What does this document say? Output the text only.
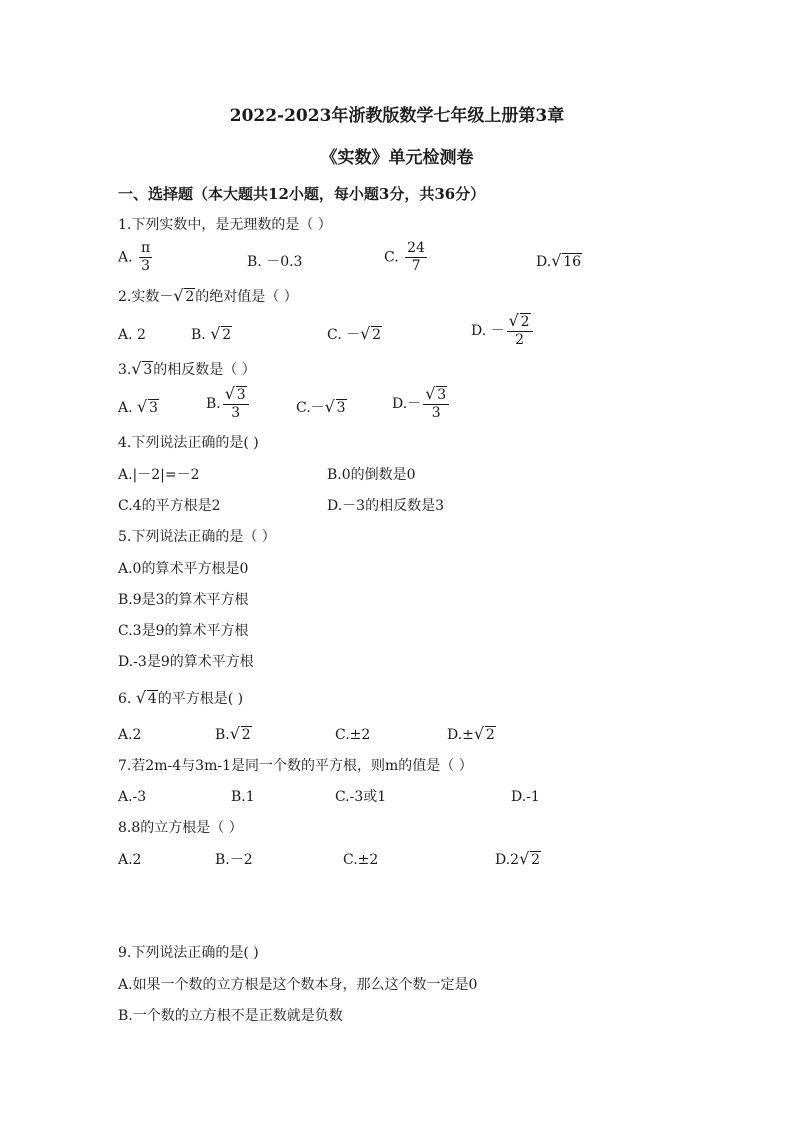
2022-2023年浙教版数学七年级上册第3章
《实数》单元检测卷
一、选择题（本大题共12小题，每小题3分，共36分）
1.下列实数中，是无理数的是（ ）
A. $\frac{\pi}{3}$	B. －0.3	C. $\frac{24}{7}$	D. √ 16
2.实数－ √ 2的绝对值是（ ）
A. 2	B. √ 2	C. － √ 2	D. － √ $\frac{2}{2}$
3. √ 3的相反数是（ ）
A. √ 3	B. √ $\frac{3}{3}$	C.－ √ 3	D.－ √ $\frac{3}{3}$
4.下列说法正确的是( )
A.|－2|=－2	B.0的倒数是0
C.4的平方根是2	D.－3的相反数是3
5.下列说法正确的是（ ）
A.0的算术平方根是0
B.9是3的算术平方根
C.3是9的算术平方根
D.-3是9的算术平方根
6. √ 4的平方根是( )
A.2	B. √ 2	C.±2	D.± √ 2
7.若2m-4与3m-1是同一个数的平方根，则m的值是（ ）
A.-3	B.1	C.-3或1	D.-1
8.8的立方根是（ ）
A.2	B.－2	C.±2	D.2 √ 2
9.下列说法正确的是( )
A.如果一个数的立方根是这个数本身，那么这个数一定是0
B.一个数的立方根不是正数就是负数
